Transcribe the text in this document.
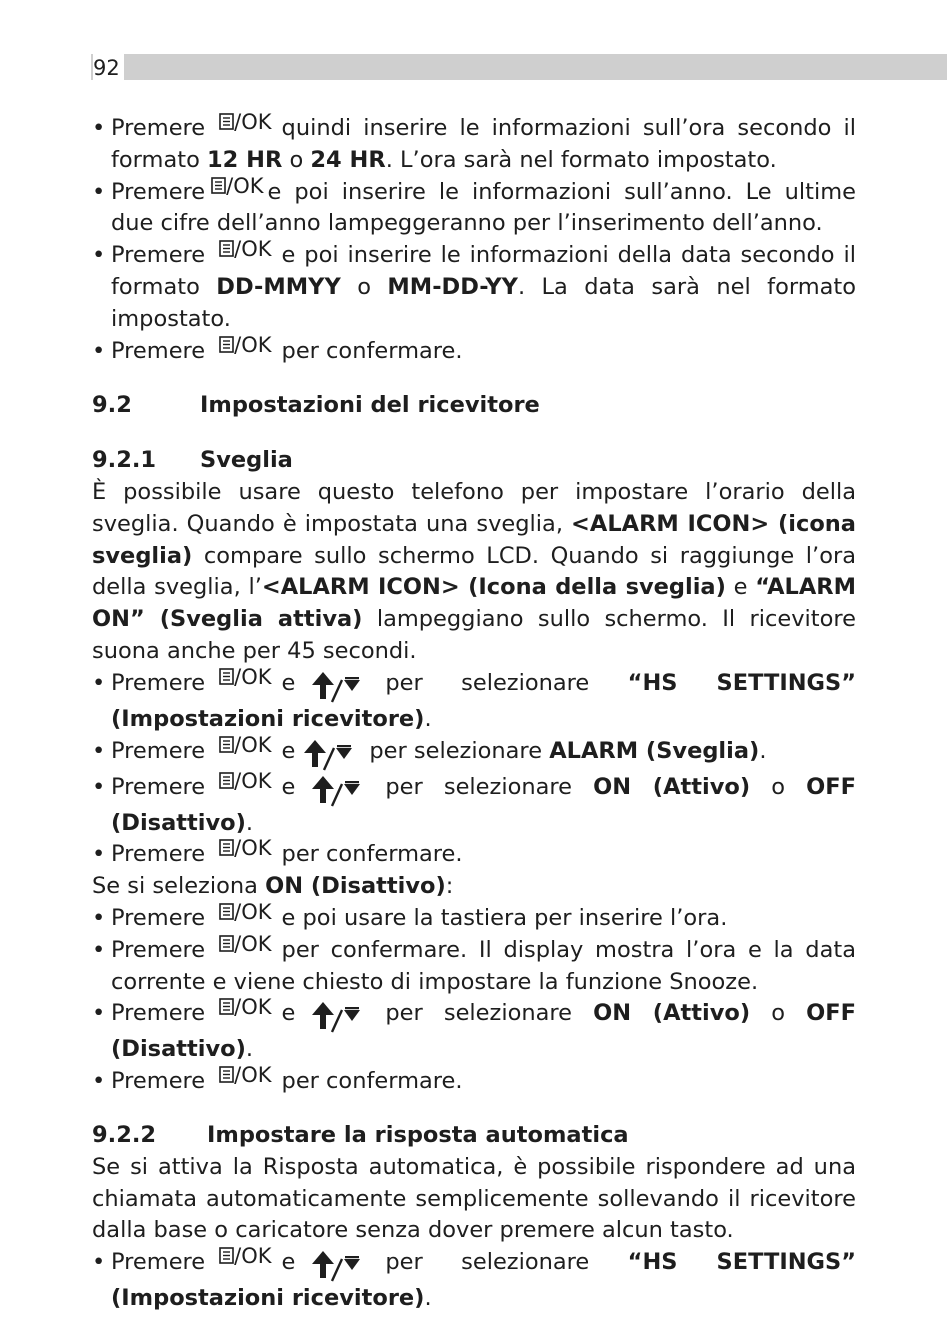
92

• Premere /OK quindi inserire le informazioni sull’ora secondo il formato 12 HR o 24 HR. L’ora sarà nel formato impostato.

• Premere /OK e poi inserire le informazioni sull’anno. Le ultime due cifre dell’anno lampeggeranno per l’inserimento dell’anno.

• Premere /OK e poi inserire le informazioni della data secondo il formato DD-MMYY o MM-DD-YY. La data sarà nel formato impostato.

• Premere /OK per confermare.

9.2	Impostazioni del ricevitore

9.2.1	Sveglia

È possibile usare questo telefono per impostare l’orario della sveglia. Quando è impostata una sveglia, <ALARM ICON> (icona sveglia) compare sullo schermo LCD. Quando si raggiunge l’ora della sveglia, l’<ALARM ICON> (Icona della sveglia) e “ALARM ON” (Sveglia attiva) lampeggiano sullo schermo. Il ricevitore suona anche per 45 secondi.

• Premere /OK e	per selezionare “HS SETTINGS” (Impostazioni ricevitore).

• Premere /OK e	per selezionare ALARM (Sveglia).

• Premere /OK e	per selezionare ON (Attivo) o OFF (Disattivo).

• Premere /OK per confermare.

Se si seleziona ON (Disattivo):

• Premere /OK e poi usare la tastiera per inserire l’ora.

• Premere /OK per confermare. Il display mostra l’ora e la data corrente e viene chiesto di impostare la funzione Snooze.

• Premere /OK e	per selezionare ON (Attivo) o OFF (Disattivo).

• Premere /OK per confermare.

9.2.2	Impostare la risposta automatica

Se si attiva la Risposta automatica, è possibile rispondere ad una chiamata automaticamente semplicemente sollevando il ricevitore dalla base o caricatore senza dover premere alcun tasto.

• Premere /OK e	per selezionare “HS SETTINGS” (Impostazioni ricevitore).
